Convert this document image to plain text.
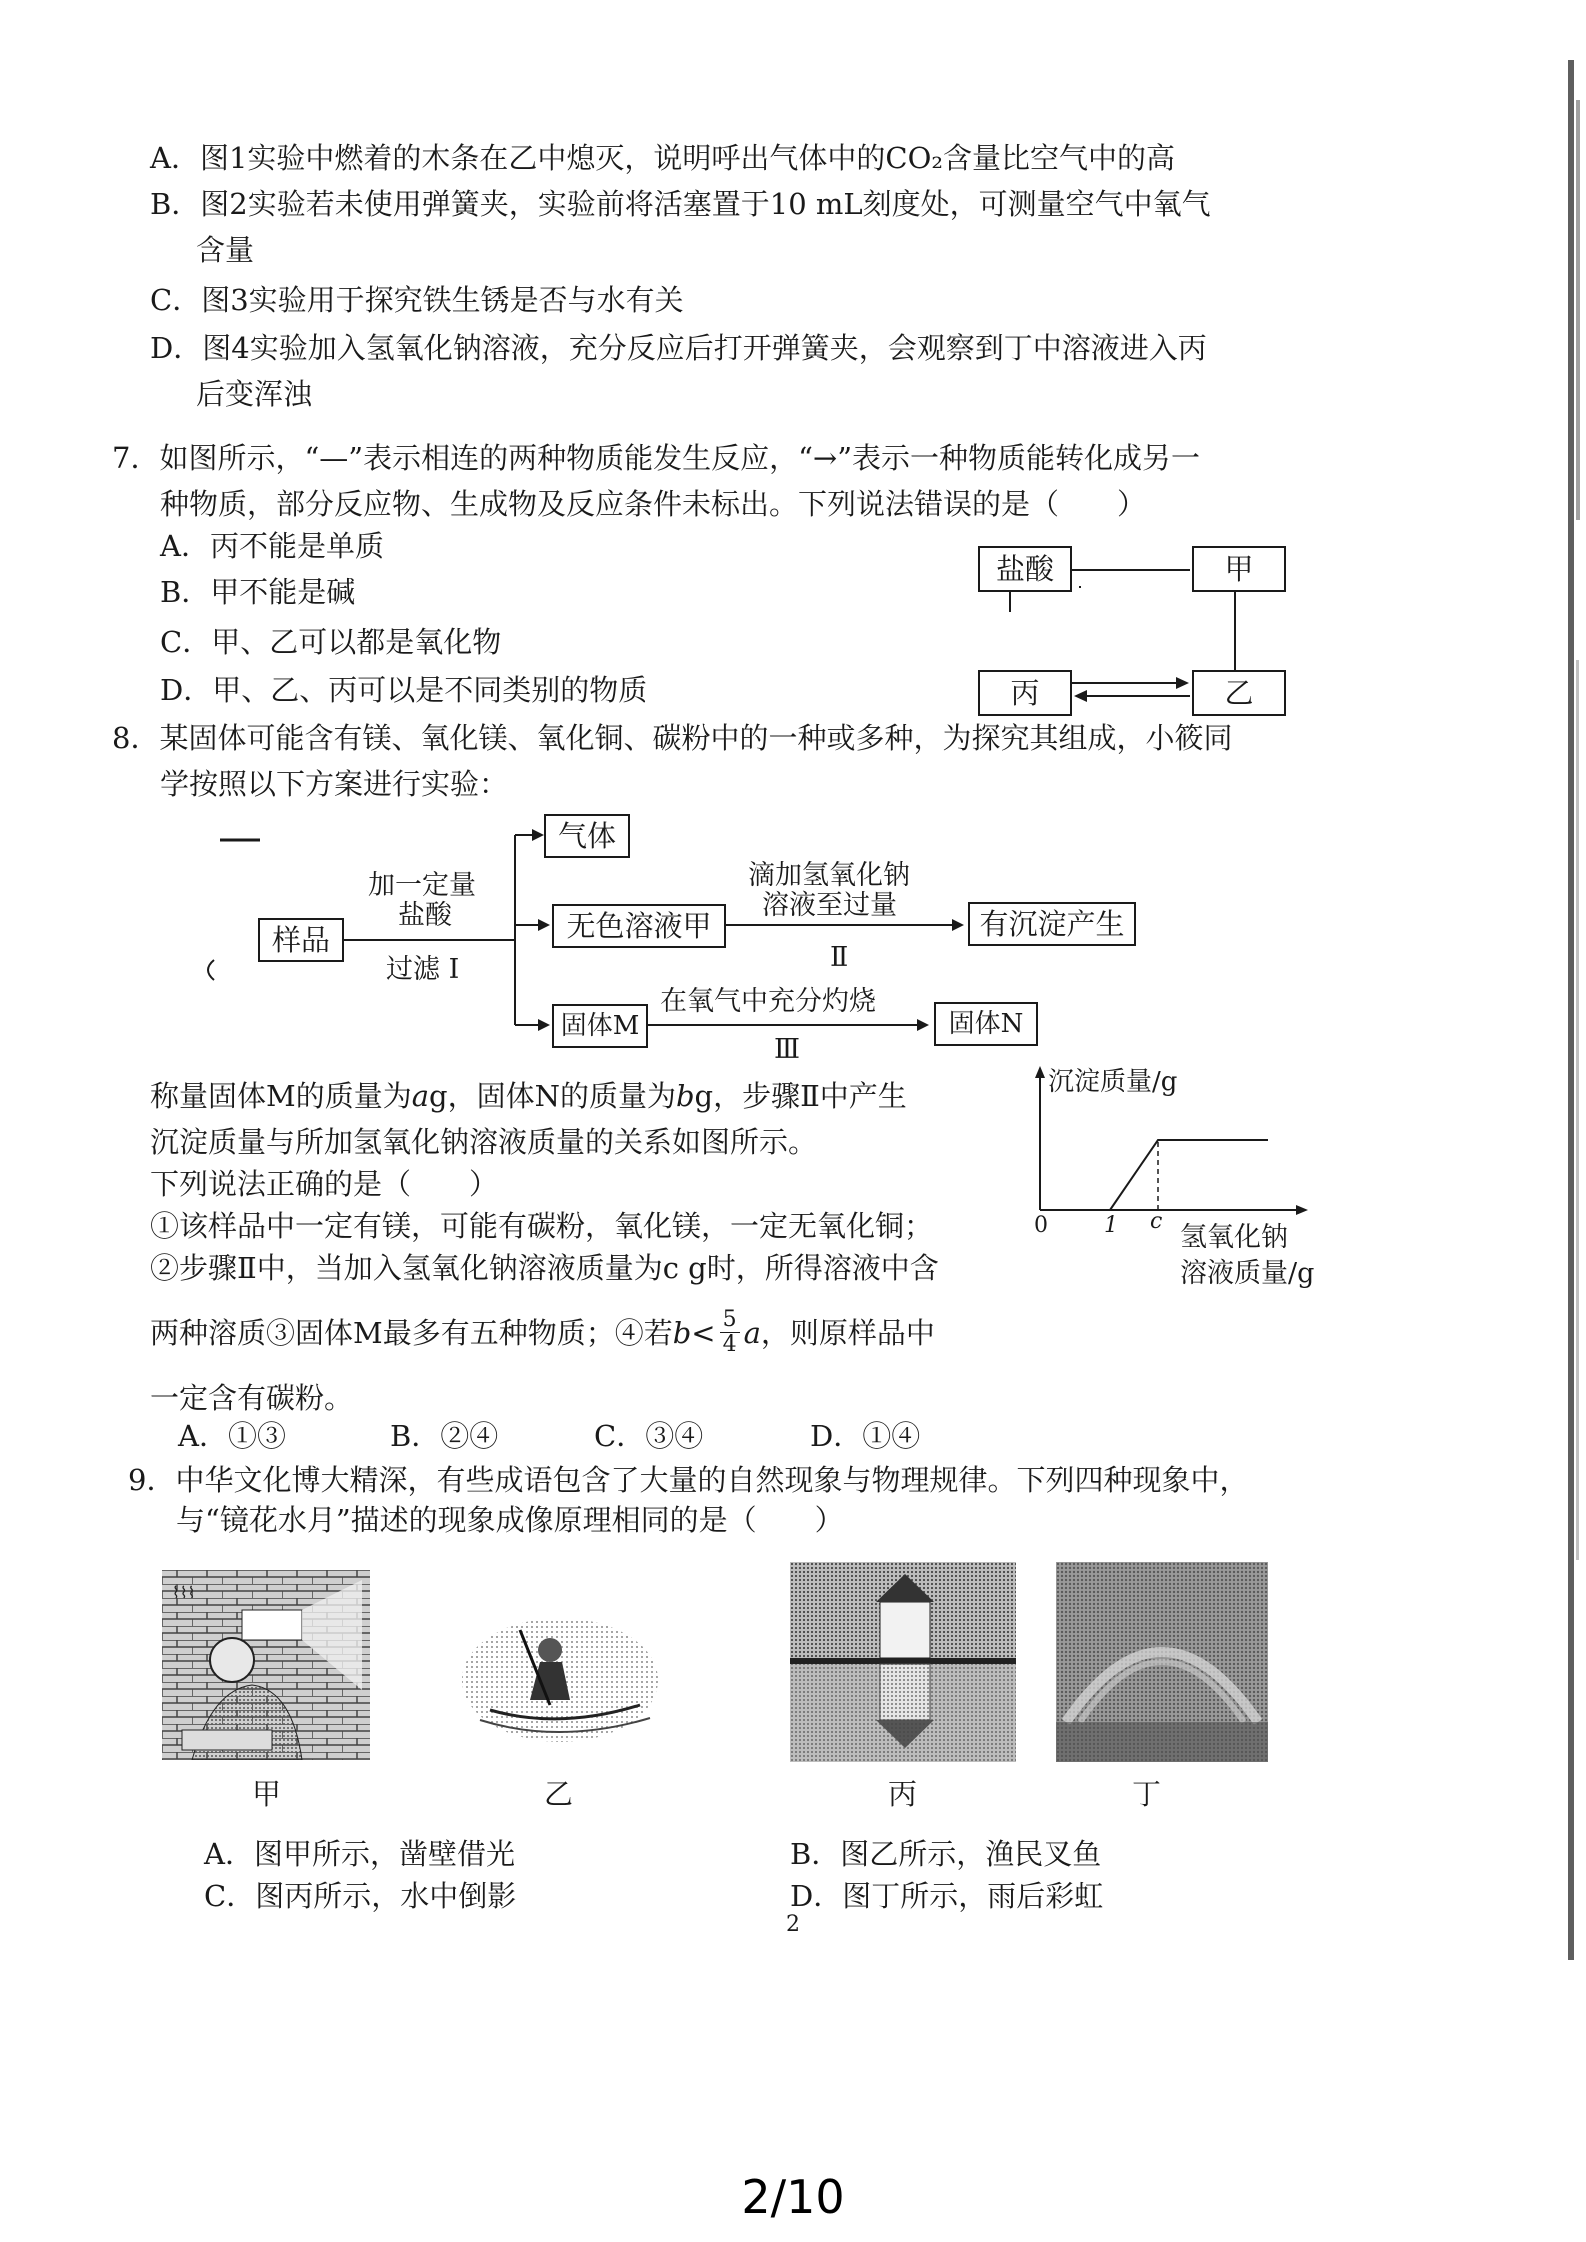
A．图1实验中燃着的木条在乙中熄灭，说明呼出气体中的CO₂含量比空气中的高
B．图2实验若未使用弹簧夹，实验前将活塞置于10 mL刻度处，可测量空气中氧气
含量
C．图3实验用于探究铁生锈是否与水有关
D．图4实验加入氢氧化钠溶液，充分反应后打开弹簧夹，会观察到丁中溶液进入丙
后变浑浊
7．如图所示，“—”表示相连的两种物质能发生反应，“→”表示一种物质能转化成另一
种物质，部分反应物、生成物及反应条件未标出。下列说法错误的是（　　）
A．丙不能是单质
B．甲不能是碱
C．甲、乙可以都是氧化物
D．甲、乙、丙可以是不同类别的物质
盐酸	甲
丙	乙
8．某固体可能含有镁、氧化镁、氧化铜、碳粉中的一种或多种，为探究其组成，小筱同
学按照以下方案进行实验：
样品
加一定量
盐酸
过滤 Ⅰ
气体
无色溶液甲
滴加氢氧化钠
溶液至过量
Ⅱ
有沉淀产生
固体M
在氧气中充分灼烧
Ⅲ
固体N
称量固体M的质量为ag，固体N的质量为bg，步骤Ⅱ中产生
沉淀质量与所加氢氧化钠溶液质量的关系如图所示。
下列说法正确的是（　　）
①该样品中一定有镁，可能有碳粉，氧化镁，一定无氧化铜；
②步骤Ⅱ中，当加入氢氧化钠溶液质量为c g时，所得溶液中含
两种溶质③固体M最多有五种物质；④若 b < 5
4 a ，则原样品中
一定含有碳粉。
A．①③	B．②④	C．③④	D．①④
沉淀质量/g
0	1 c
氢氧化钠
溶液质量/g
9．中华文化博大精深，有些成语包含了大量的自然现象与物理规律。下列四种现象中，
与“镜花水月”描述的现象成像原理相同的是（　　）
⌇⌇⌇
甲	乙	丙	丁
A．图甲所示，凿壁借光	B．图乙所示，渔民叉鱼
C．图丙所示，水中倒影	D．图丁所示，雨后彩虹
2
2/10
